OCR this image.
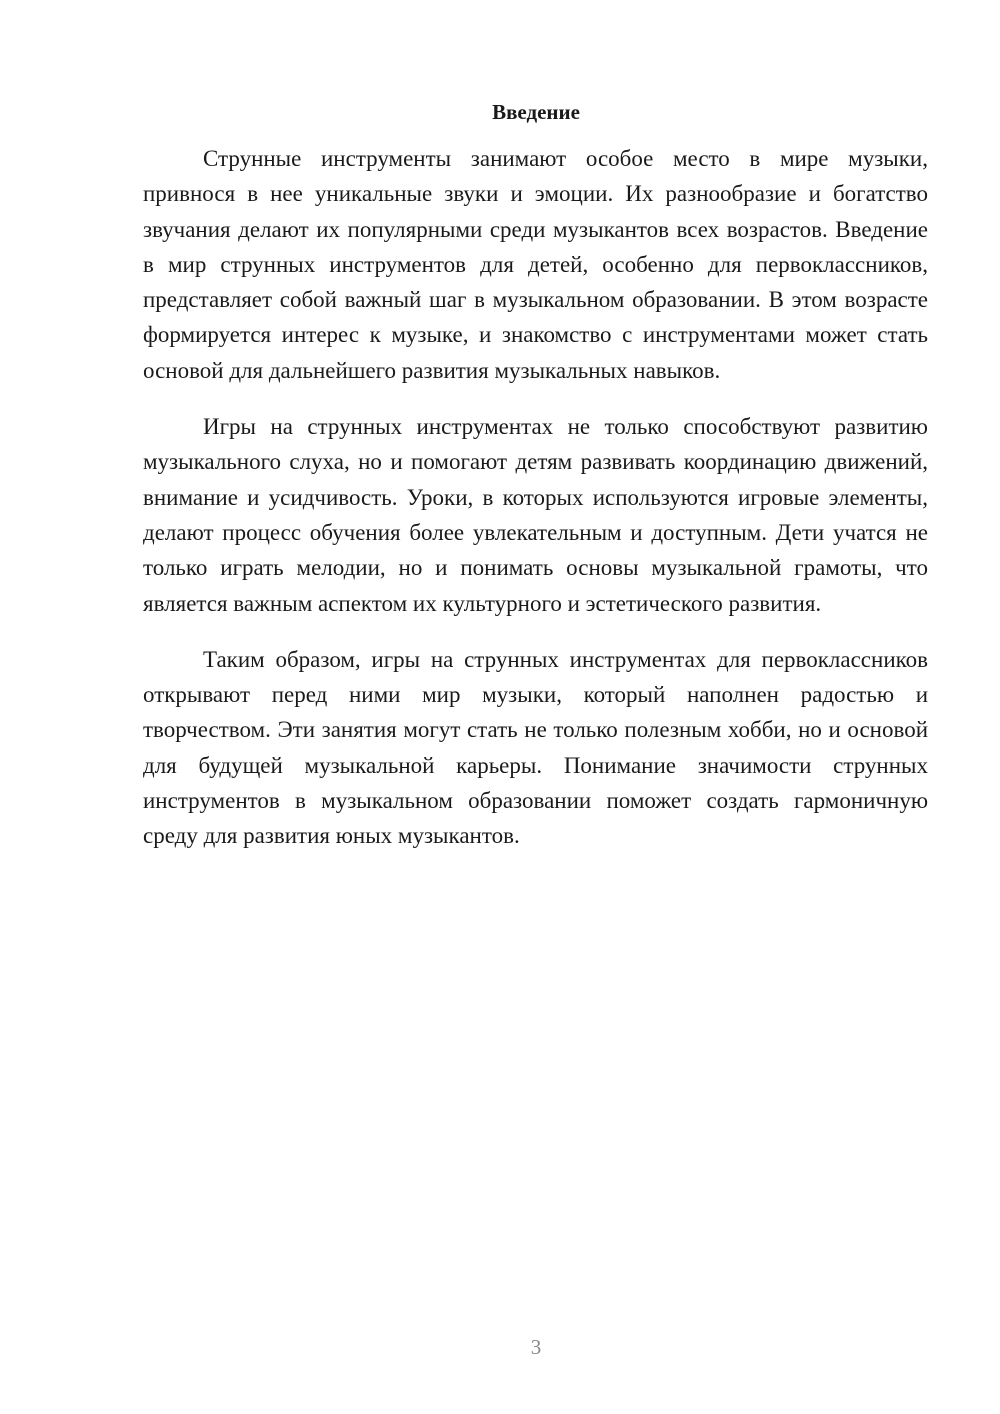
Введение

Струнные инструменты занимают особое место в мире музыки, привнося в нее уникальные звуки и эмоции. Их разнообразие и богатство звучания делают их популярными среди музыкантов всех возрастов. Введение в мир струнных инструментов для детей, особенно для первоклассников, представляет собой важный шаг в музыкальном образовании. В этом возрасте формируется интерес к музыке, и знакомство с инструментами может стать основой для дальнейшего развития музыкальных навыков.

Игры на струнных инструментах не только способствуют развитию музыкального слуха, но и помогают детям развивать координацию движений, внимание и усидчивость. Уроки, в которых используются игровые элементы, делают процесс обучения более увлекательным и доступным. Дети учатся не только играть мелодии, но и понимать основы музыкальной грамоты, что является важным аспектом их культурного и эстетического развития.

Таким образом, игры на струнных инструментах для первоклассников открывают перед ними мир музыки, который наполнен радостью и творчеством. Эти занятия могут стать не только полезным хобби, но и основой для будущей музыкальной карьеры. Понимание значимости струнных инструментов в музыкальном образовании поможет создать гармоничную среду для развития юных музыкантов.

3
